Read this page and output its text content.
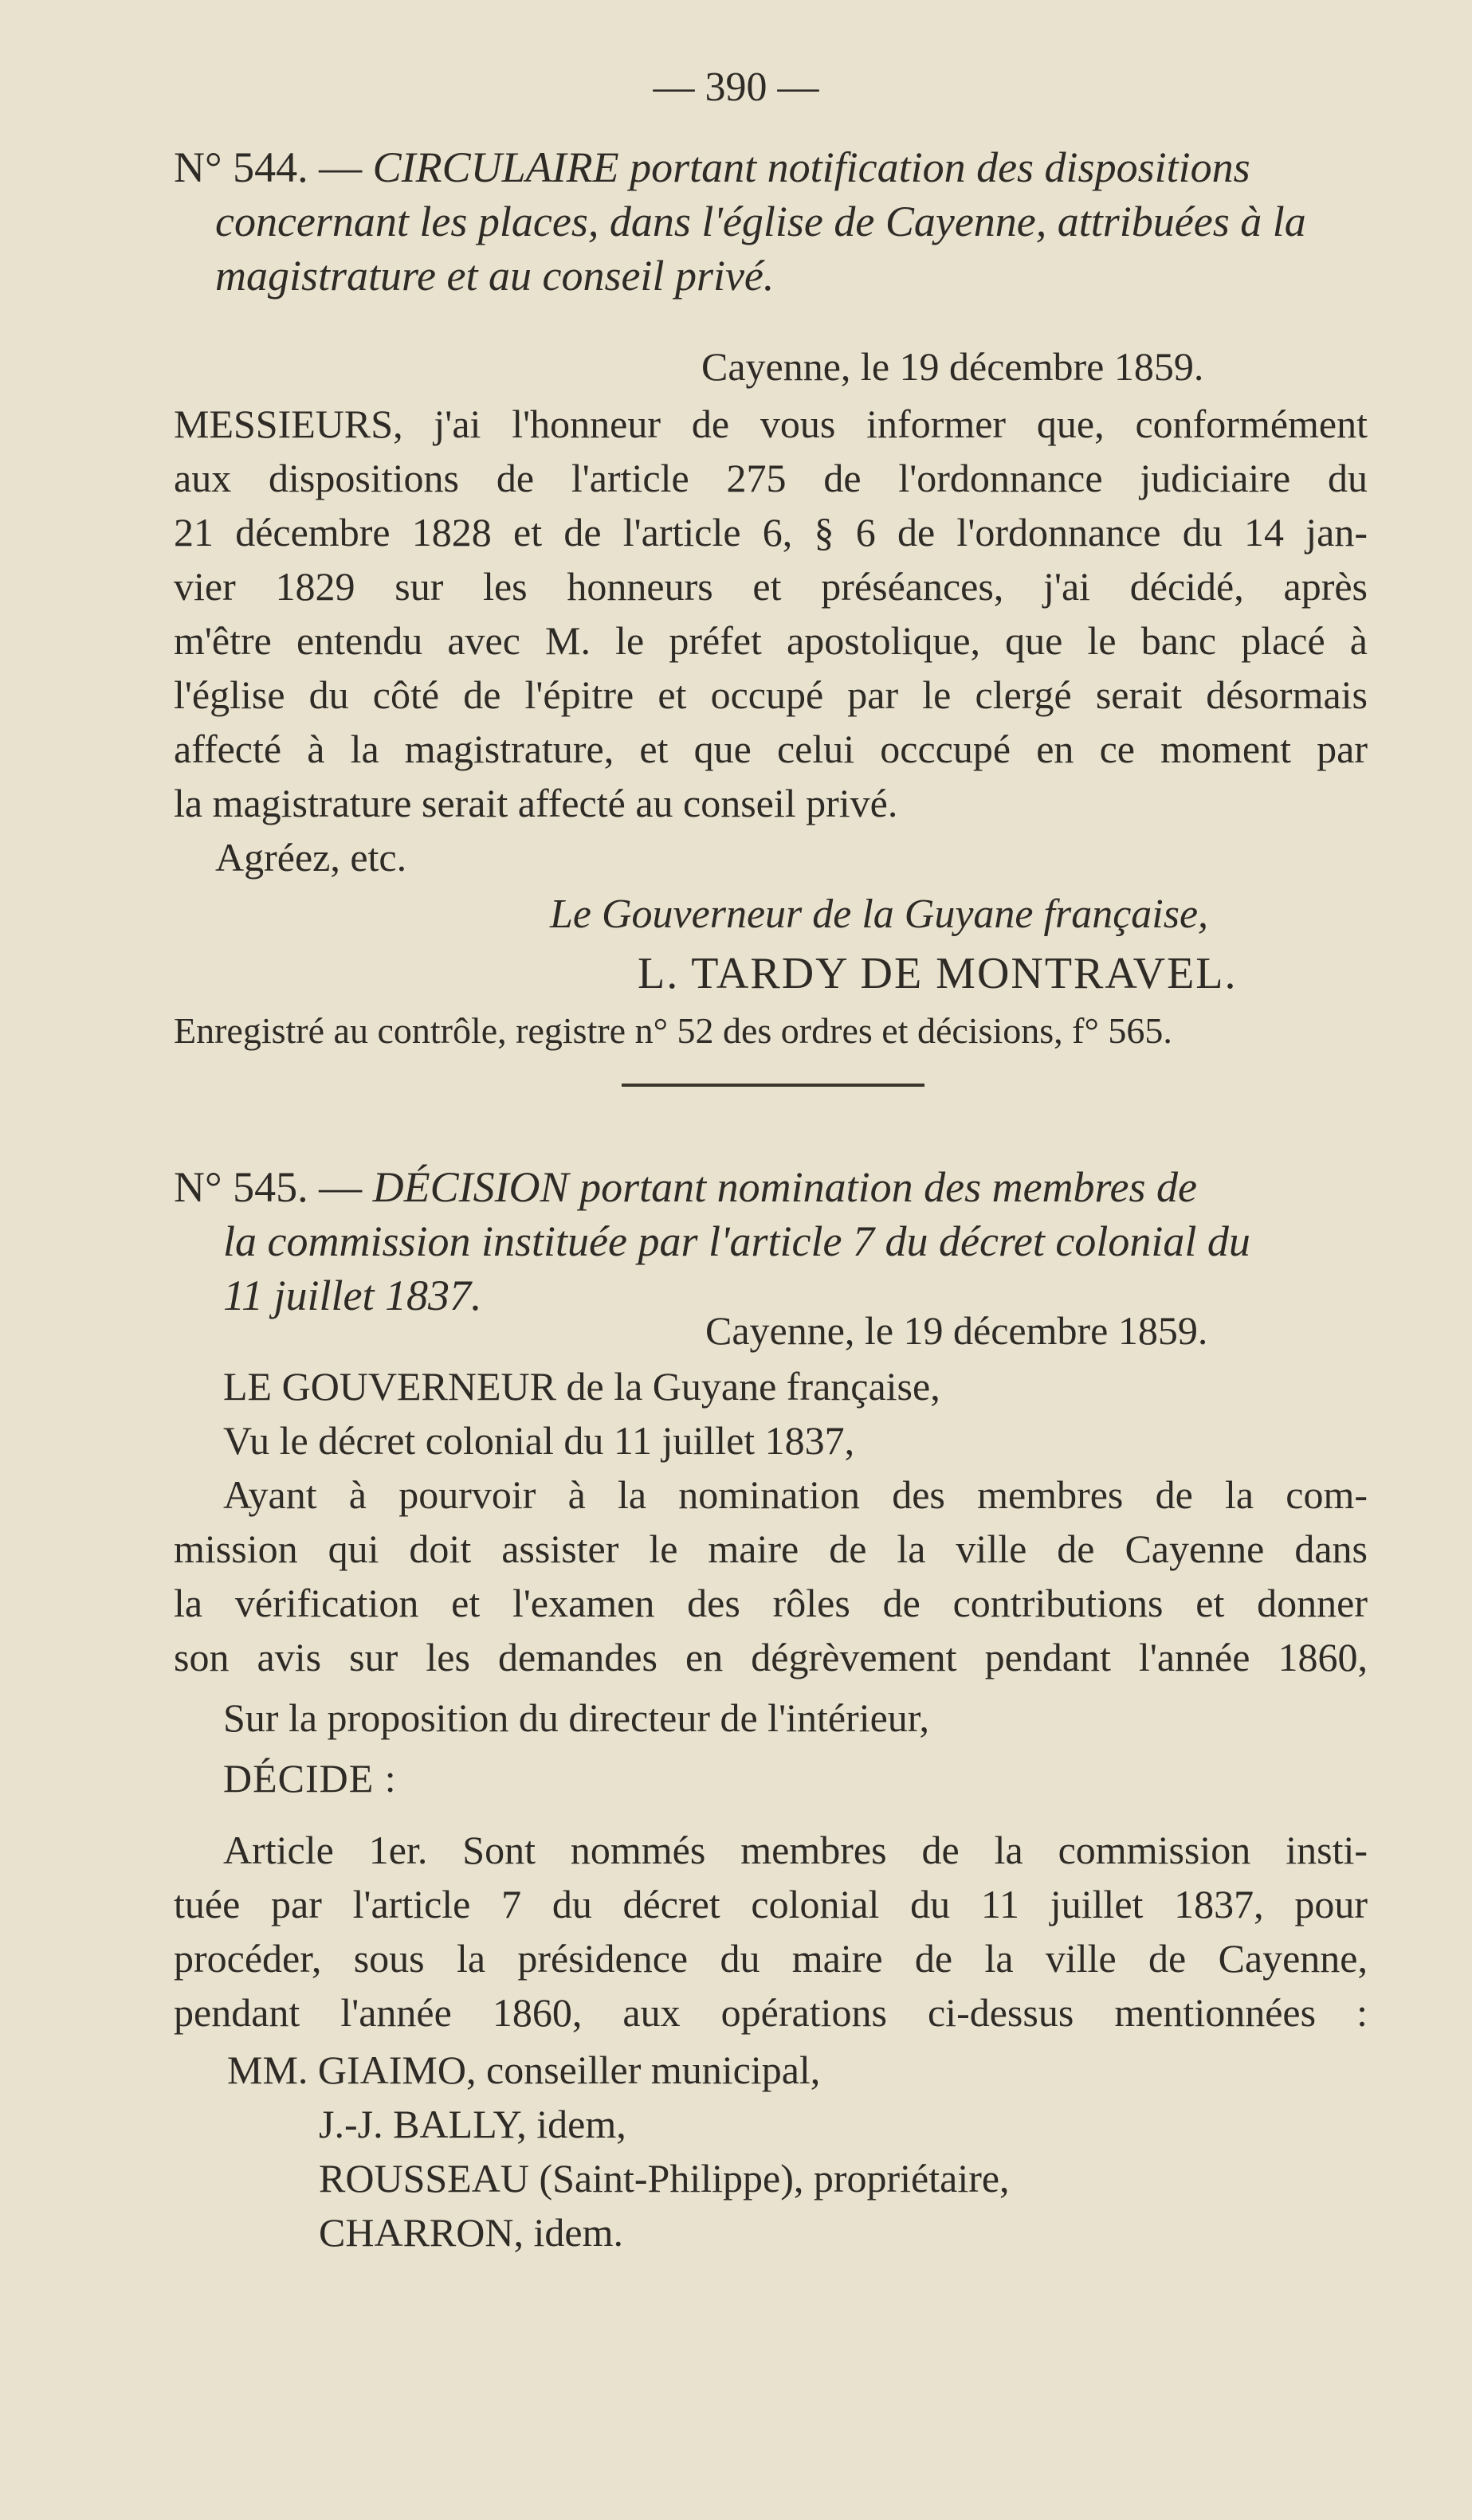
— 390 —
N° 544. — CIRCULAIRE portant notification des dispositions
concernant les places, dans l'église de Cayenne, attribuées à la
magistrature et au conseil privé.
Cayenne, le 19 décembre 1859.
MESSIEURS, j'ai l'honneur de vous informer que, conformément
aux dispositions de l'article 275 de l'ordonnance judiciaire du
21 décembre 1828 et de l'article 6, § 6 de l'ordonnance du 14 jan-
vier 1829 sur les honneurs et préséances, j'ai décidé, après
m'être entendu avec M. le préfet apostolique, que le banc placé à
l'église du côté de l'épitre et occupé par le clergé serait désormais
affecté à la magistrature, et que celui occcupé en ce moment par
la magistrature serait affecté au conseil privé.
Agréez, etc.
Le Gouverneur de la Guyane française,
L. TARDY DE MONTRAVEL.
Enregistré au contrôle, registre n° 52 des ordres et décisions, f° 565.
N° 545. — DÉCISION portant nomination des membres de
la commission instituée par l'article 7 du décret colonial du
11 juillet 1837.
Cayenne, le 19 décembre 1859.
LE GOUVERNEUR de la Guyane française,
Vu le décret colonial du 11 juillet 1837,
Ayant à pourvoir à la nomination des membres de la com-
mission qui doit assister le maire de la ville de Cayenne dans
la vérification et l'examen des rôles de contributions et donner
son avis sur les demandes en dégrèvement pendant l'année 1860,
Sur la proposition du directeur de l'intérieur,
DÉCIDE :
Article 1er. Sont nommés membres de la commission insti-
tuée par l'article 7 du décret colonial du 11 juillet 1837, pour
procéder, sous la présidence du maire de la ville de Cayenne,
pendant l'année 1860, aux opérations ci-dessus mentionnées :
MM. GIAIMO, conseiller municipal,
J.-J. BALLY, idem,
ROUSSEAU (Saint-Philippe), propriétaire,
CHARRON, idem.
